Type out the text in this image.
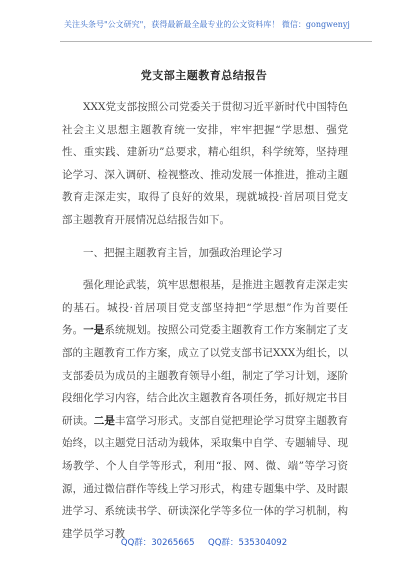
关注头条号"公文研究"，获得最新最全最专业的公文资料库！ 微信：gongwenyj
党支部主题教育总结报告

XXX党支部按照公司党委关于贯彻习近平新时代中国特色社会主义思想主题教育统一安排，牢牢把握“学思想、强党性、重实践、建新功”总要求，精心组织，科学统筹，坚持理论学习、深入调研、检视整改、推动发展一体推进，推动主题教育走深走实，取得了良好的效果，现就城投·首居项目党支部主题教育开展情况总结报告如下。

一、把握主题教育主旨，加强政治理论学习

强化理论武装，筑牢思想根基，是推进主题教育走深走实的基石。城投·首居项目党支部坚持把“学思想”作为首要任务。一是系统规划。按照公司党委主题教育工作方案制定了支部的主题教育工作方案，成立了以党支部书记XXX为组长，以支部委员为成员的主题教育领导小组，制定了学习计划，逐阶段细化学习内容，结合此次主题教育各项任务，抓好规定书目研读。二是丰富学习形式。支部自觉把理论学习贯穿主题教育始终，以主题党日活动为载体，采取集中自学、专题辅导、现场教学、个人自学等形式，利用“报、网、微、端”等学习资源，通过微信群作等线上学习形式，构建专题集中学、及时跟进学习、系统读书学、研读深化学等多位一体的学习机制，构建学员学习教

QQ群：30265665 QQ群：535304092
